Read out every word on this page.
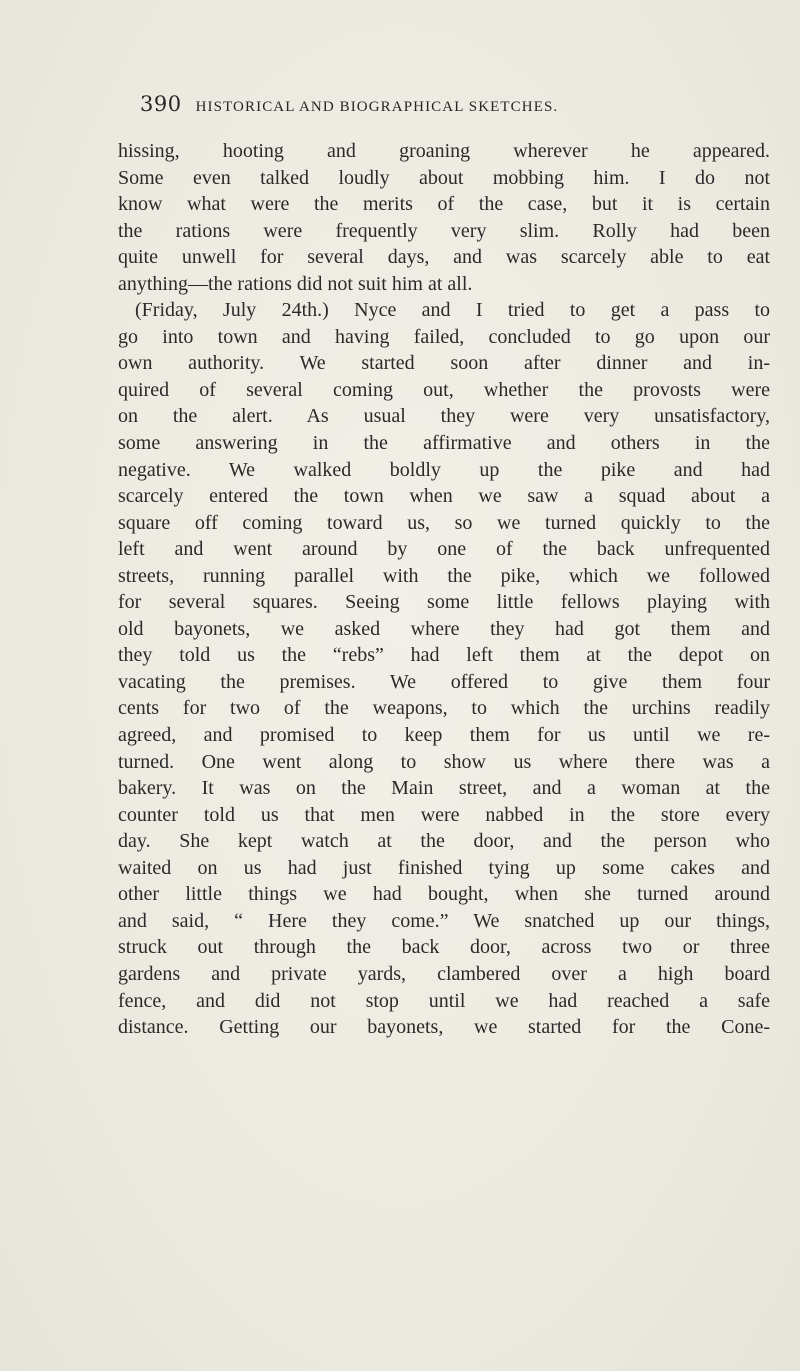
390 HISTORICAL AND BIOGRAPHICAL SKETCHES.
hissing, hooting and groaning wherever he appeared.
Some even talked loudly about mobbing him. I do not
know what were the merits of the case, but it is certain
the rations were frequently very slim. Rolly had been
quite unwell for several days, and was scarcely able to eat
anything—the rations did not suit him at all.
(Friday, July 24th.) Nyce and I tried to get a pass to
go into town and having failed, concluded to go upon our
own authority. We started soon after dinner and in-
quired of several coming out, whether the provosts were
on the alert. As usual they were very unsatisfactory,
some answering in the affirmative and others in the
negative. We walked boldly up the pike and had
scarcely entered the town when we saw a squad about a
square off coming toward us, so we turned quickly to the
left and went around by one of the back unfrequented
streets, running parallel with the pike, which we followed
for several squares. Seeing some little fellows playing with
old bayonets, we asked where they had got them and
they told us the “rebs” had left them at the depot on
vacating the premises. We offered to give them four
cents for two of the weapons, to which the urchins readily
agreed, and promised to keep them for us until we re-
turned. One went along to show us where there was a
bakery. It was on the Main street, and a woman at the
counter told us that men were nabbed in the store every
day. She kept watch at the door, and the person who
waited on us had just finished tying up some cakes and
other little things we had bought, when she turned around
and said, “ Here they come.” We snatched up our things,
struck out through the back door, across two or three
gardens and private yards, clambered over a high board
fence, and did not stop until we had reached a safe
distance. Getting our bayonets, we started for the Cone-
